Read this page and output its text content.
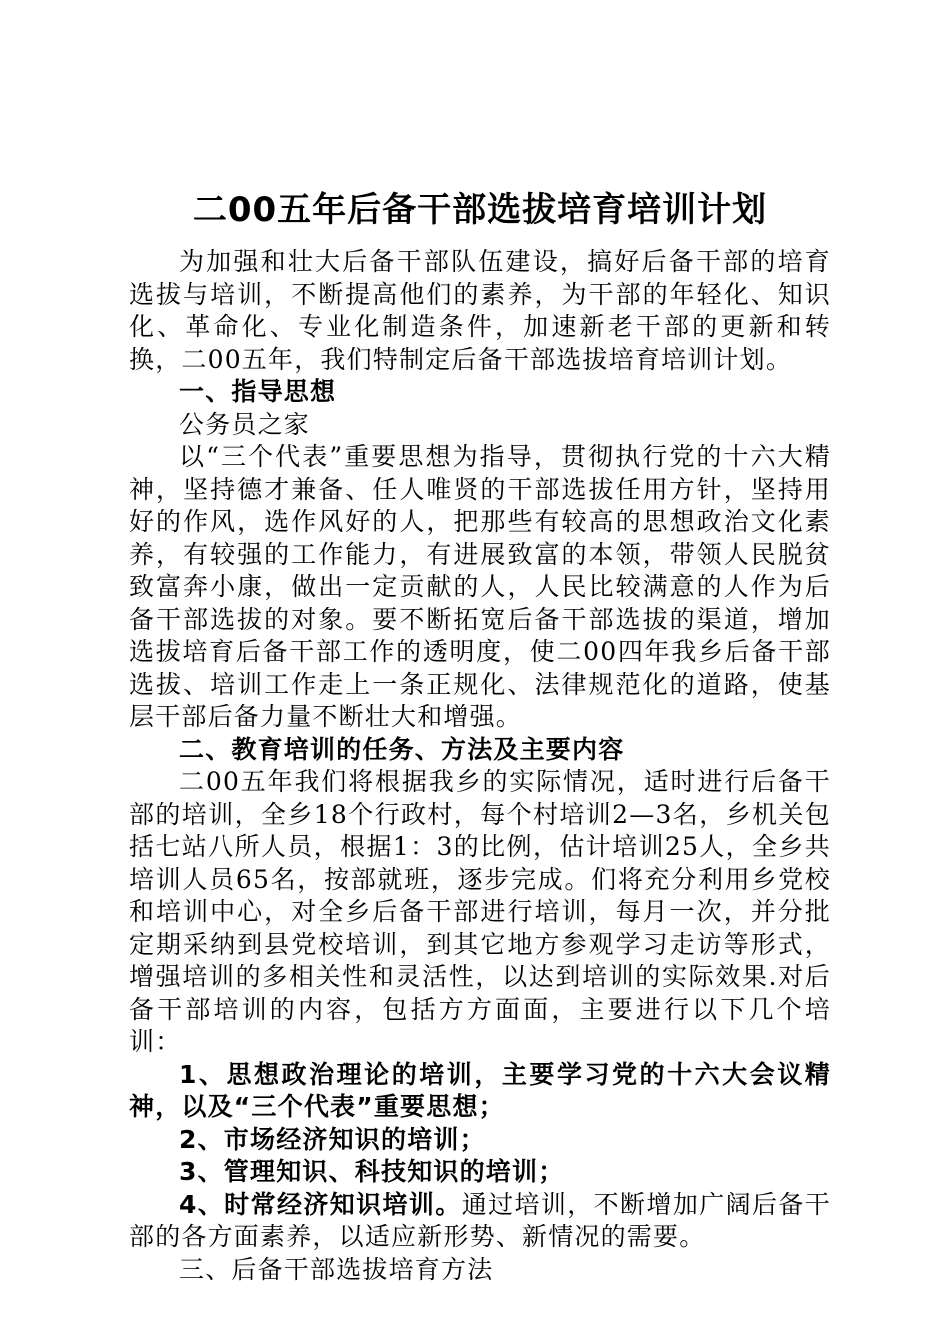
二00五年后备干部选拔培育培训计划

为加强和壮大后备干部队伍建设，搞好后备干部的培育选拔与培训，不断提高他们的素养，为干部的年轻化、知识化、革命化、专业化制造条件，加速新老干部的更新和转换，二00五年，我们特制定后备干部选拔培育培训计划。

一、指导思想

公务员之家

以“三个代表”重要思想为指导，贯彻执行党的十六大精神，坚持德才兼备、任人唯贤的干部选拔任用方针，坚持用好的作风，选作风好的人，把那些有较高的思想政治文化素养，有较强的工作能力，有进展致富的本领，带领人民脱贫致富奔小康，做出一定贡献的人，人民比较满意的人作为后备干部选拔的对象。要不断拓宽后备干部选拔的渠道，增加选拔培育后备干部工作的透明度，使二00四年我乡后备干部选拔、培训工作走上一条正规化、法律规范化的道路，使基层干部后备力量不断壮大和增强。

二、教育培训的任务、方法及主要内容

二00五年我们将根据我乡的实际情况，适时进行后备干部的培训，全乡18个行政村，每个村培训2—3名，乡机关包括七站八所人员，根据1：3的比例，估计培训25人，全乡共培训人员65名，按部就班，逐步完成。们将充分利用乡党校和培训中心，对全乡后备干部进行培训，每月一次，并分批定期采纳到县党校培训，到其它地方参观学习走访等形式，增强培训的多相关性和灵活性，以达到培训的实际效果.对后备干部培训的内容，包括方方面面，主要进行以下几个培训：

1、思想政治理论的培训，主要学习党的十六大会议精神，以及“三个代表”重要思想；

2、市场经济知识的培训；

3、管理知识、科技知识的培训；

4、时常经济知识培训。通过培训，不断增加广阔后备干部的各方面素养，以适应新形势、新情况的需要。

三、后备干部选拔培育方法
